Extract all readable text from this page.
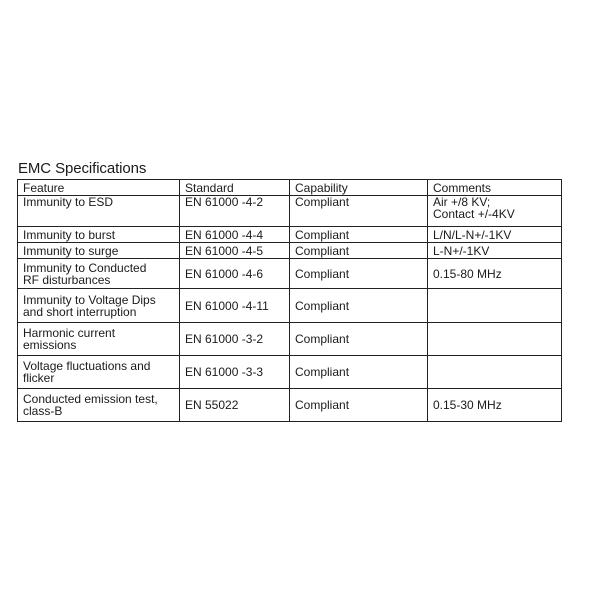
EMC Specifications
Feature	Standard	Capability	Comments
Immunity to ESD	EN 61000 -4-2	Compliant	Air +/8 KV;
Contact +/-4KV
Immunity to burst	EN 61000 -4-4	Compliant	L/N/L-N+/-1KV
Immunity to surge	EN 61000 -4-5	Compliant	L-N+/-1KV
Immunity to Conducted
RF disturbances	EN 61000 -4-6	Compliant	0.15-80 MHz
Immunity to Voltage Dips
and short interruption	EN 61000 -4-11	Compliant	
Harmonic current
emissions	EN 61000 -3-2	Compliant	
Voltage fluctuations and
flicker	EN 61000 -3-3	Compliant	
Conducted emission test,
class-B	EN 55022	Compliant	0.15-30 MHz
